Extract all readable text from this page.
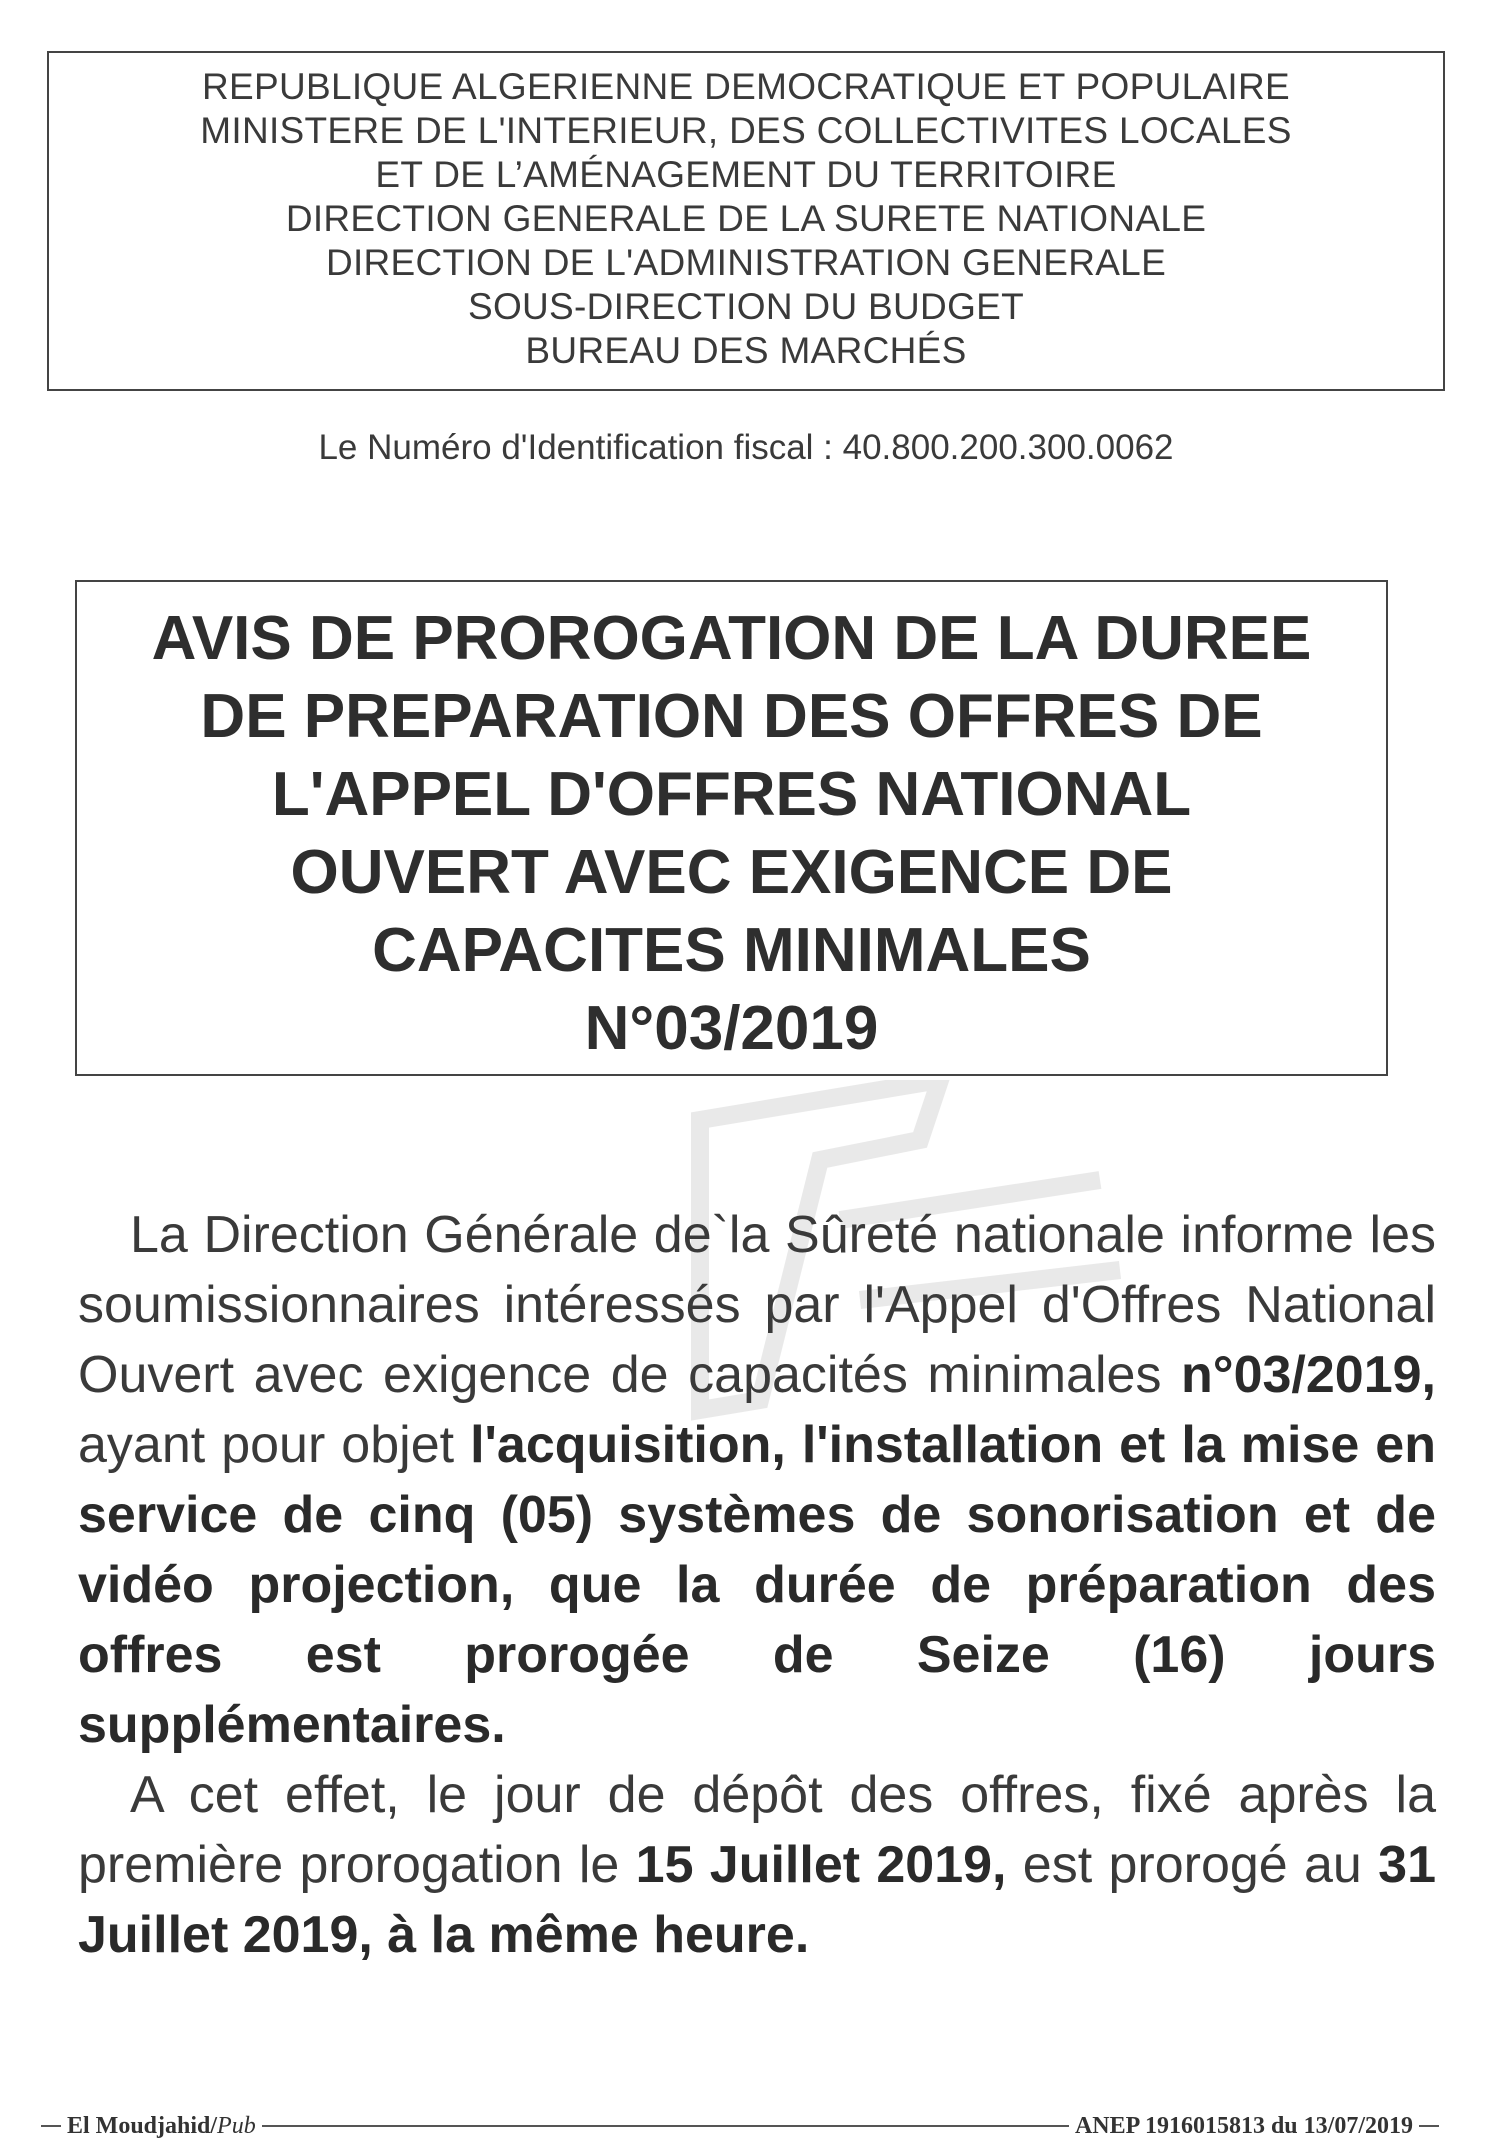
REPUBLIQUE ALGERIENNE DEMOCRATIQUE ET POPULAIRE
MINISTERE DE L'INTERIEUR, DES COLLECTIVITES LOCALES
ET DE L’AMÉNAGEMENT DU TERRITOIRE
DIRECTION GENERALE DE LA SURETE NATIONALE
DIRECTION DE L'ADMINISTRATION GENERALE
SOUS-DIRECTION DU BUDGET
BUREAU DES MARCHÉS
Le Numéro d'Identification fiscal : 40.800.200.300.0062
AVIS DE PROROGATION DE LA DUREE
DE PREPARATION DES OFFRES DE
L'APPEL D'OFFRES NATIONAL
OUVERT AVEC EXIGENCE DE
CAPACITES MINIMALES
N°03/2019

La Direction Générale de`la Sûreté nationale informe les soumissionnaires intéressés par l'Appel d'Offres National Ouvert avec exigence de capacités minimales n°03/2019, ayant pour objet l'acquisition, l'installation et la mise en service de cinq (05) systèmes de sonorisation et de vidéo projection, que la durée de préparation des offres est prorogée de Seize (16) jours supplémentaires.

A cet effet, le jour de dépôt des offres, fixé après la première prorogation le 15 Juillet 2019, est prorogé au 31 Juillet 2019, à la même heure.

El Moudjahid/Pub	ANEP 1916015813 du 13/07/2019
